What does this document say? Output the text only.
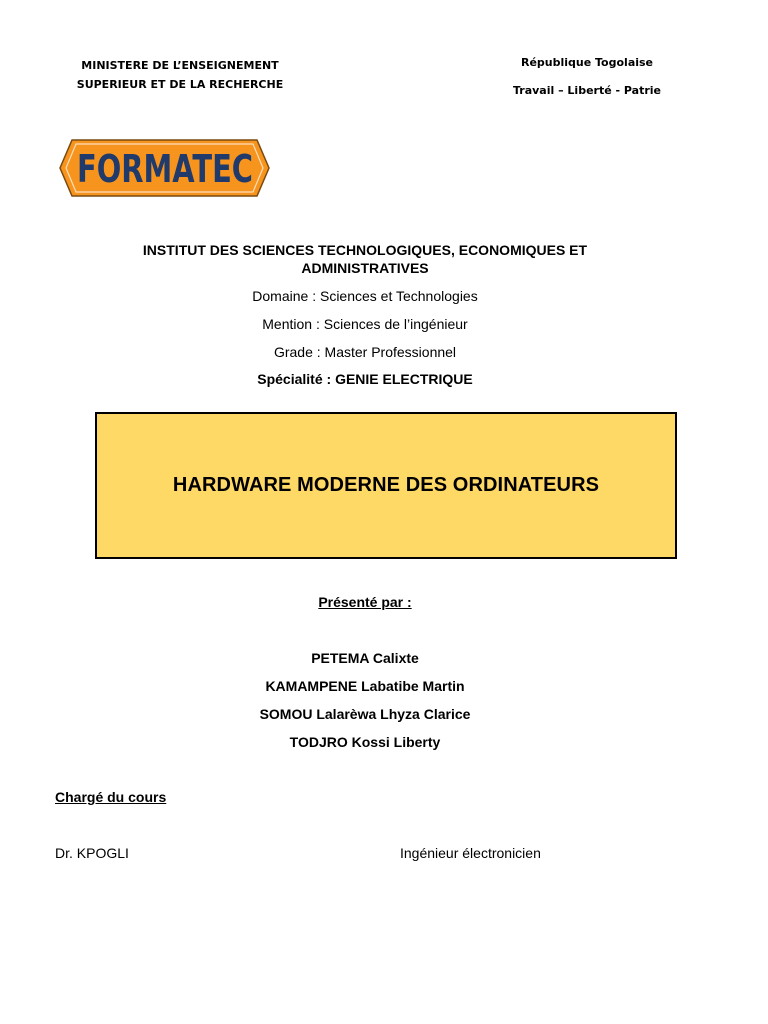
MINISTERE DE L’ENSEIGNEMENT
SUPERIEUR ET DE LA RECHERCHE
République Togolaise
Travail – Liberté - Patrie
FORMATEC
INSTITUT DES SCIENCES TECHNOLOGIQUES, ECONOMIQUES ET ADMINISTRATIVES
Domaine : Sciences et Technologies
Mention : Sciences de l’ingénieur
Grade : Master Professionnel
Spécialité : GENIE ELECTRIQUE
HARDWARE MODERNE DES ORDINATEURS
Présenté par :
PETEMA Calixte
KAMAMPENE Labatibe Martin
SOMOU Lalarèwa Lhyza Clarice
TODJRO Kossi Liberty
Chargé du cours
Dr. KPOGLI	Ingénieur électronicien
